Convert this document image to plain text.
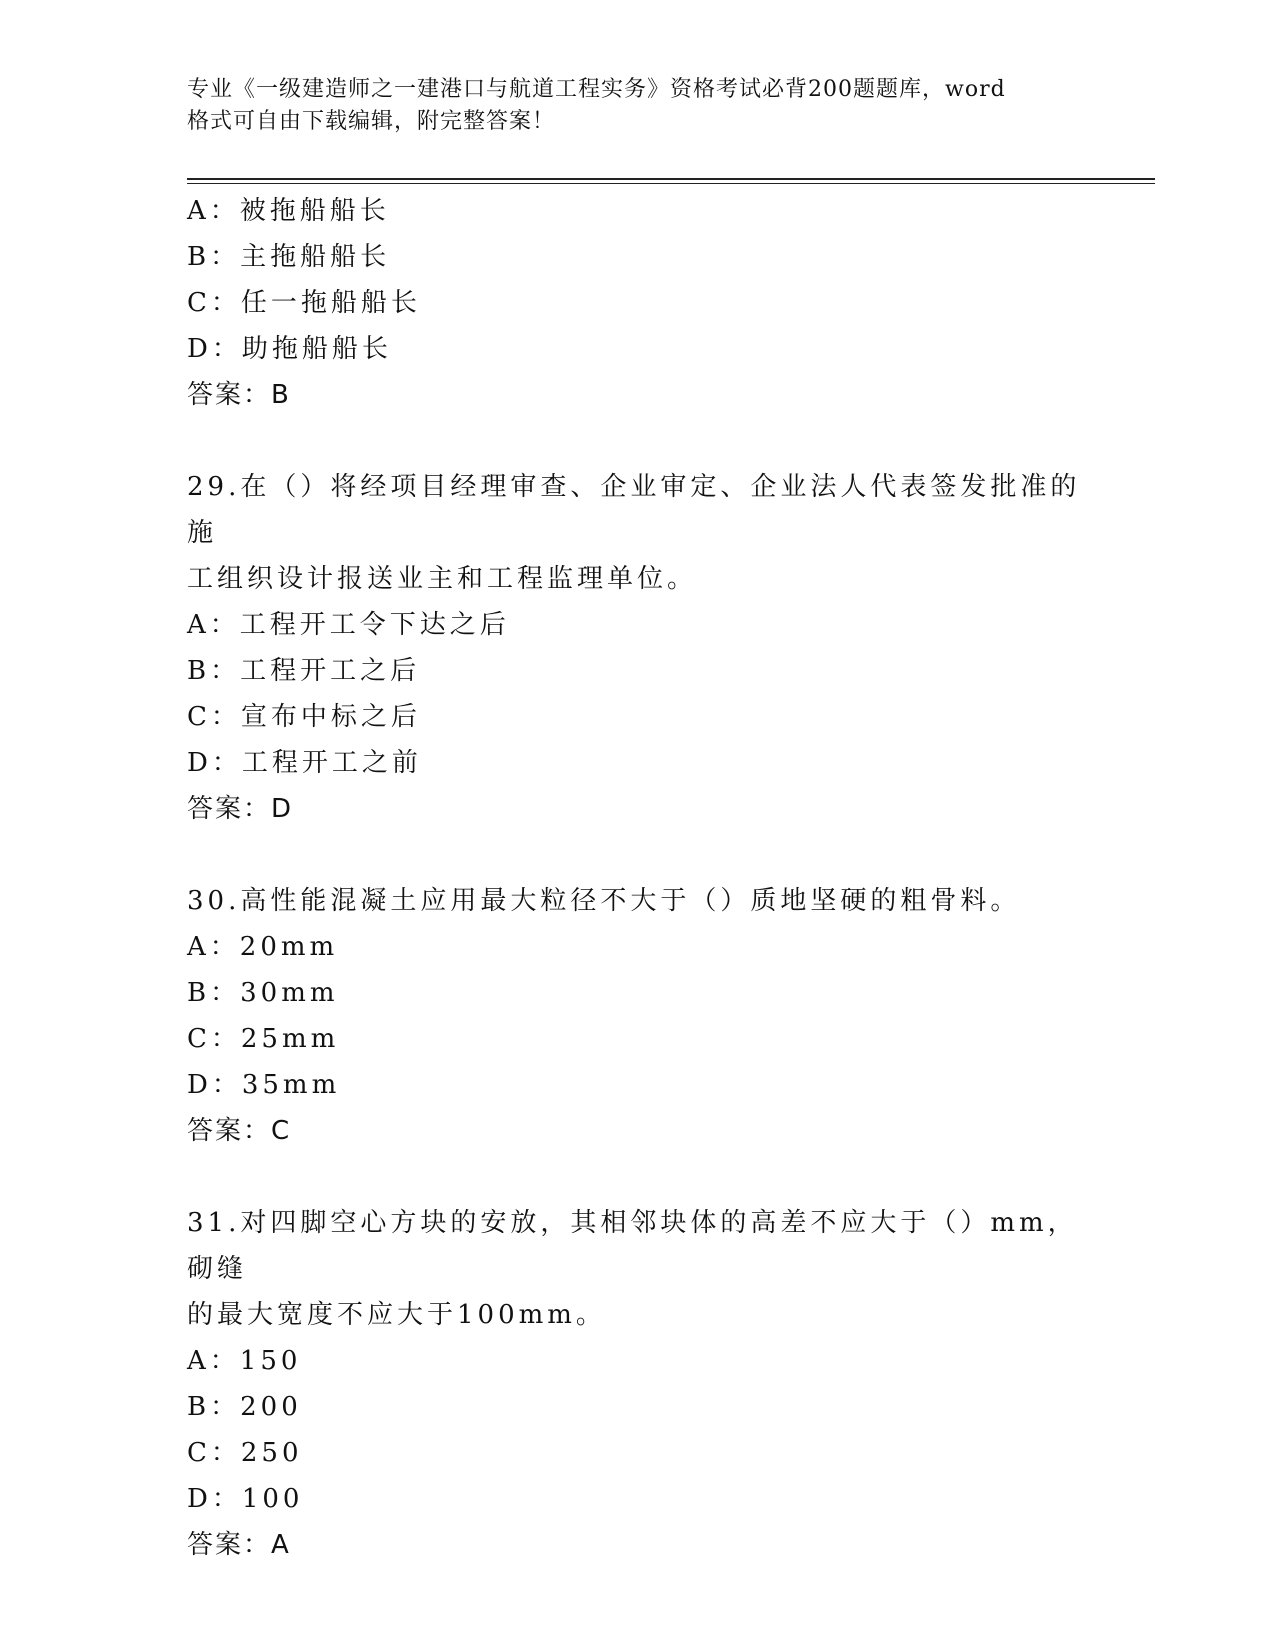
专业《一级建造师之一建港口与航道工程实务》资格考试必背200题题库，word
格式可自由下载编辑，附完整答案！

A：被拖船船长

B：主拖船船长

C：任一拖船船长

D：助拖船船长

答案：B

29.在（）将经项目经理审查、企业审定、企业法人代表签发批准的施

工组织设计报送业主和工程监理单位。

A：工程开工令下达之后

B：工程开工之后

C：宣布中标之后

D：工程开工之前

答案：D

30.高性能混凝土应用最大粒径不大于（）质地坚硬的粗骨料。

A：20mm

B：30mm

C：25mm

D：35mm

答案：C

31.对四脚空心方块的安放，其相邻块体的高差不应大于（）mm，砌缝

的最大宽度不应大于100mm。

A：150

B：200

C：250

D：100

答案：A
